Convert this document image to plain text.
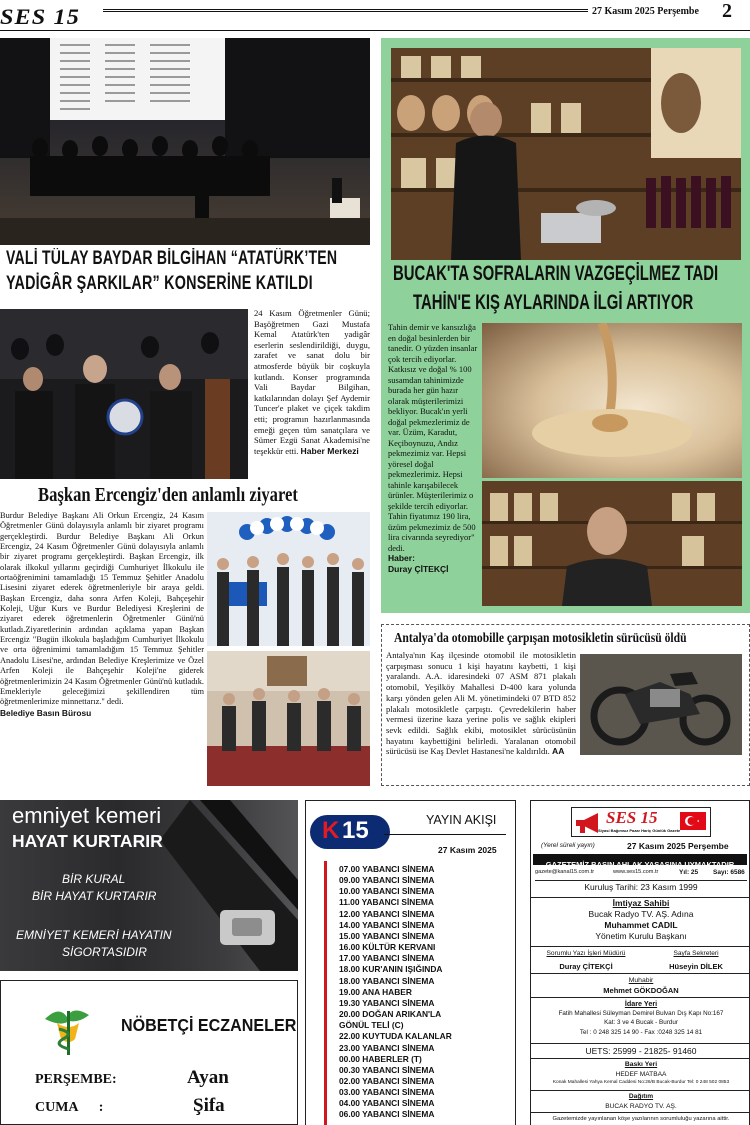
SES 15	27 Kasım 2025 Perşembe 2
VALİ TÜLAY BAYDAR BİLGİHAN “ATATÜRK’TEN
YADİGÂR ŞARKILAR” KONSERİNE KATILDI
24 Kasım Öğretmenler Günü; Başöğretmen Gazi Mustafa Kemal Atatürk'ten yadigâr eserlerin seslendirildiği, duygu, zarafet ve sanat dolu bir atmosferde büyük bir coşkuyla kutlandı. Konser programında Vali Baydar Bilgihan, katkılarından dolayı Şef Aydemir Tuncer'e plaket ve çiçek takdim etti; programın hazırlanmasında emeği geçen tüm sanatçılara ve Sümer Ezgü Sanat Akademisi'ne teşekkür etti. Haber Merkezi
BUCAK'TA SOFRALARIN VAZGEÇİLMEZ TADI
TAHİN'E KIŞ AYLARINDA İLGİ ARTIYOR
Tahin demir ve kansızlığa en doğal besinlerden bir tanedir. O yüzden insanlar çok tercih ediyorlar. Katkısız ve doğal % 100 susamdan tahinimizde burada her gün hazır olarak müşterilerimizi bekliyor. Bucak'ın yerli doğal pekmezlerimiz de var. Üzüm, Karadut, Keçiboynuzu, Andız pekmezimiz var. Hepsi yöresel doğal pekmezlerimiz. Hepsi tahinle karışabilecek ürünler. Müşterilerimiz o şekilde tercih ediyorlar. Tahin fiyatımız 190 lira, üzüm pekmezimiz de 500 lira civarında seyrediyor" dedi.
Haber:
Duray ÇİTEKÇİ
Başkan Ercengiz'den anlamlı ziyaret
Burdur Belediye Başkanı Ali Orkun Ercengiz, 24 Kasım Öğretmenler Günü dolayısıyla anlamlı bir ziyaret programı gerçekleştirdi. Burdur Belediye Başkanı Ali Orkun Ercengiz, 24 Kasım Öğretmenler Günü dolayısıyla anlamlı bir ziyaret programı gerçekleştirdi. Başkan Ercengiz, ilk olarak ilkokul yıllarını geçirdiği Cumhuriyet İlkokulu ile ortaöğrenimini tamamladığı 15 Temmuz Şehitler Anadolu Lisesini ziyaret ederek öğretmenleriyle bir araya geldi. Başkan Ercengiz, daha sonra Arfen Koleji, Bahçeşehir Koleji, Uğur Kurs ve Burdur Belediyesi Kreşlerini de ziyaret ederek öğretmenlerin Öğretmenler Günü'nü kutladı.Ziyaretlerinin ardından açıklama yapan Başkan Ercengiz "Bugün ilkokula başladığım Cumhuriyet İlkokulu ve orta öğrenimimi tamamladığım 15 Temmuz Şehitler Anadolu Lisesi'ne, ardından Belediye Kreşlerimize ve Özel Arfen Koleji ile Bahçeşehir Koleji'ne giderek öğretmenlerimizin 24 Kasım Öğretmenler Günü'nü kutladık. Emekleriyle geleceğimizi şekillendiren tüm öğretmenlerimize minnettarız." dedi.
Belediye Basın Bürosu
Antalya'da otomobille çarpışan motosikletin sürücüsü öldü
Antalya'nın Kaş ilçesinde otomobil ile motosikletin çarpışması sonucu 1 kişi hayatını kaybetti, 1 kişi yaralandı. A.A. idaresindeki 07 ASM 871 plakalı otomobil, Yeşilköy Mahallesi D-400 kara yolunda karşı yönden gelen Ali M. yönetimindeki 07 BTD 852 plakalı motosikletle çarpıştı. Çevredekilerin haber vermesi üzerine kaza yerine polis ve sağlık ekipleri sevk edildi. Sağlık ekibi, motosiklet sürücüsünün hayatını kaybettiğini belirledi. Yaralanan otomobil sürücüsü ise Kaş Devlet Hastanesi'ne kaldırıldı. AA
emniyet kemeri
HAYAT KURTARIR
BİR KURAL
BİR HAYAT KURTARIR
EMNİYET KEMERİ HAYATIN
SİGORTASIDIR
NÖBETÇİ ECZANELER
PERŞEMBE:	Ayan
CUMA      :	Şifa
K 15	YAYIN AKIŞI
27 Kasım 2025
07.00 YABANCI SİNEMA
09.00 YABANCI SİNEMA
10.00 YABANCI SİNEMA
11.00 YABANCI SİNEMA
12.00 YABANCI SİNEMA
14.00 YABANCI SİNEMA
15.00 YABANCI SİNEMA
16.00 KÜLTÜR KERVANI
17.00 YABANCI SİNEMA
18.00 KUR'ANIN IŞIĞINDA
18.00 YABANCI SİNEMA
19.00 ANA HABER
19.30 YABANCI SİNEMA
20.00 DOĞAN ARIKAN'LA
GÖNÜL TELİ (C)
22.00 KUYTUDA KALANLAR
23.00 YABANCI SİNEMA
00.00 HABERLER (T)
00.30 YABANCI SİNEMA
02.00 YABANCI SİNEMA
03.00 YABANCI SİNEMA
04.00 YABANCI SİNEMA
06.00 YABANCI SİNEMA
SES 15
Siyasi Bağımsız Pazar Hariç Günlük Gazete
(Yerel süreli yayın)	27 Kasım 2025 Perşembe
GAZETEMİZ BASIN AHLAK YASASINA UYMAKTADIR
gazete@kanal15.com.tr	www.ses15.com.tr	Yıl: 25 Sayı: 6586
Kuruluş Tarihi: 23 Kasım 1999
İmtiyaz Sahibi
Bucak Radyo TV. AŞ. Adına
Muhammet CADIL
Yönetim Kurulu Başkanı
Sorumlu Yazı İşleri Müdürü
Duray ÇİTEKÇİ
Sayfa Sekreteri
Hüseyin DİLEK
Muhabir
Mehmet GÖKDOĞAN
İdare Yeri
Fatih Mahallesi Süleyman Demirel Bulvarı Dış Kapı No:167
Kat: 3 ve 4 Bucak - Burdur
Tel : 0 248 325 14 90 - Fax :0248 325 14 81
UETS: 25999 - 21825- 91460
Baskı Yeri
HEDEF MATBAA
Konak Mahallesi Yahya Kemal Caddesi No:26/B Bucak-Burdur Tel: 0 248 502 0853
Dağıtım
BUCAK RADYO TV. AŞ.
Gazetemizde yayınlanan köşe yazılarının sorumluluğu yazarına aittir.
